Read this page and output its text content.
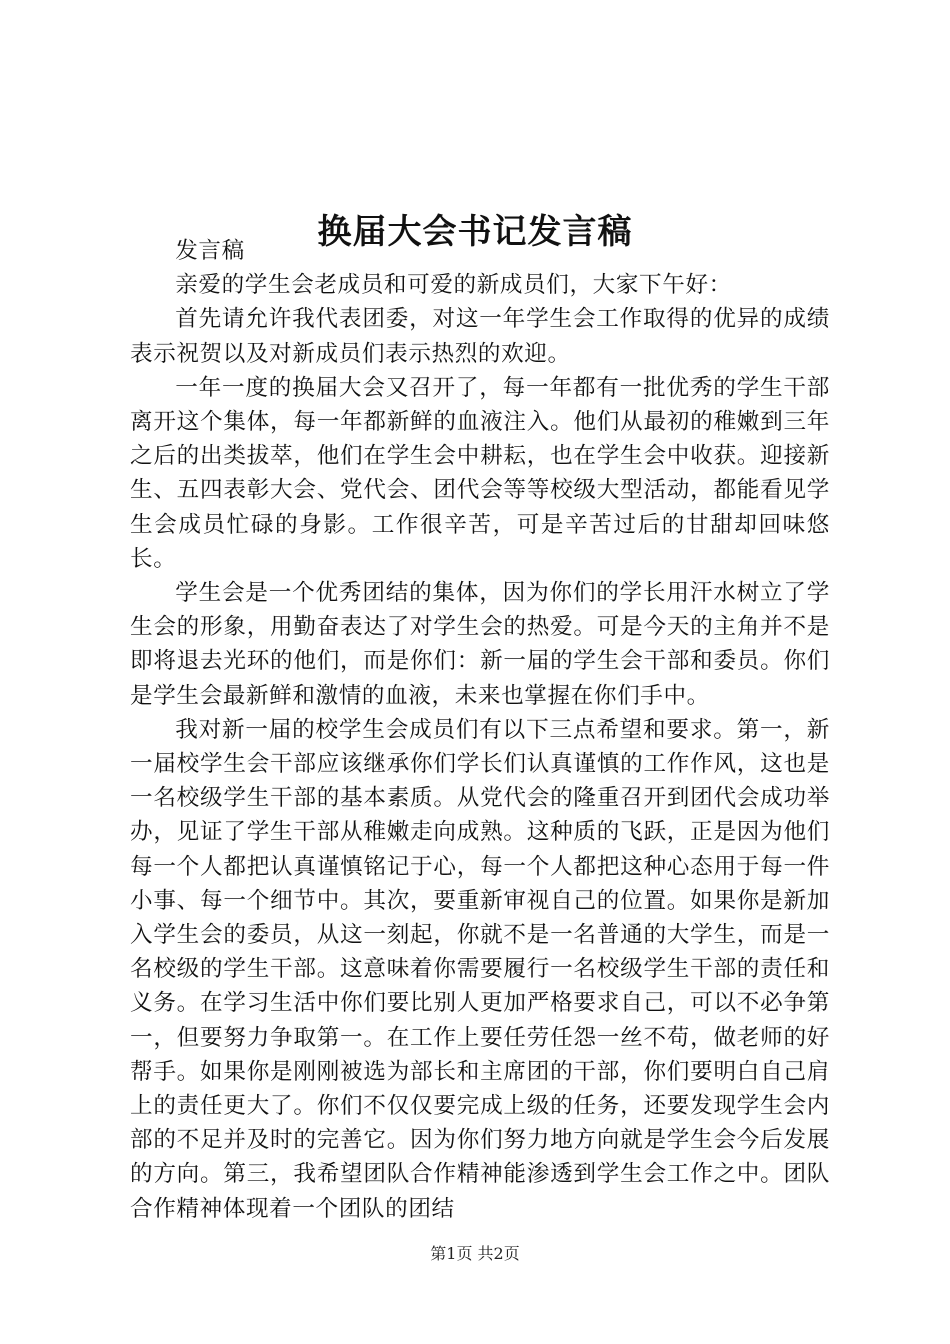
换届大会书记发言稿

发言稿

亲爱的学生会老成员和可爱的新成员们，大家下午好：

首先请允许我代表团委，对这一年学生会工作取得的优异的成绩表示祝贺以及对新成员们表示热烈的欢迎。

一年一度的换届大会又召开了，每一年都有一批优秀的学生干部离开这个集体，每一年都新鲜的血液注入。他们从最初的稚嫩到三年之后的出类拔萃，他们在学生会中耕耘，也在学生会中收获。迎接新生、五四表彰大会、党代会、团代会等等校级大型活动，都能看见学生会成员忙碌的身影。工作很辛苦，可是辛苦过后的甘甜却回味悠长。

学生会是一个优秀团结的集体，因为你们的学长用汗水树立了学生会的形象，用勤奋表达了对学生会的热爱。可是今天的主角并不是即将退去光环的他们，而是你们：新一届的学生会干部和委员。你们是学生会最新鲜和激情的血液，未来也掌握在你们手中。

我对新一届的校学生会成员们有以下三点希望和要求。第一，新一届校学生会干部应该继承你们学长们认真谨慎的工作作风，这也是一名校级学生干部的基本素质。从党代会的隆重召开到团代会成功举办，见证了学生干部从稚嫩走向成熟。这种质的飞跃，正是因为他们每一个人都把认真谨慎铭记于心，每一个人都把这种心态用于每一件小事、每一个细节中。其次，要重新审视自己的位置。如果你是新加入学生会的委员，从这一刻起，你就不是一名普通的大学生，而是一名校级的学生干部。这意味着你需要履行一名校级学生干部的责任和义务。在学习生活中你们要比别人更加严格要求自己，可以不必争第一，但要努力争取第一。在工作上要任劳任怨一丝不苟，做老师的好帮手。如果你是刚刚被选为部长和主席团的干部，你们要明白自己肩上的责任更大了。你们不仅仅要完成上级的任务，还要发现学生会内部的不足并及时的完善它。因为你们努力地方向就是学生会今后发展的方向。第三，我希望团队合作精神能渗透到学生会工作之中。团队合作精神体现着一个团队的团结

第1页 共2页
